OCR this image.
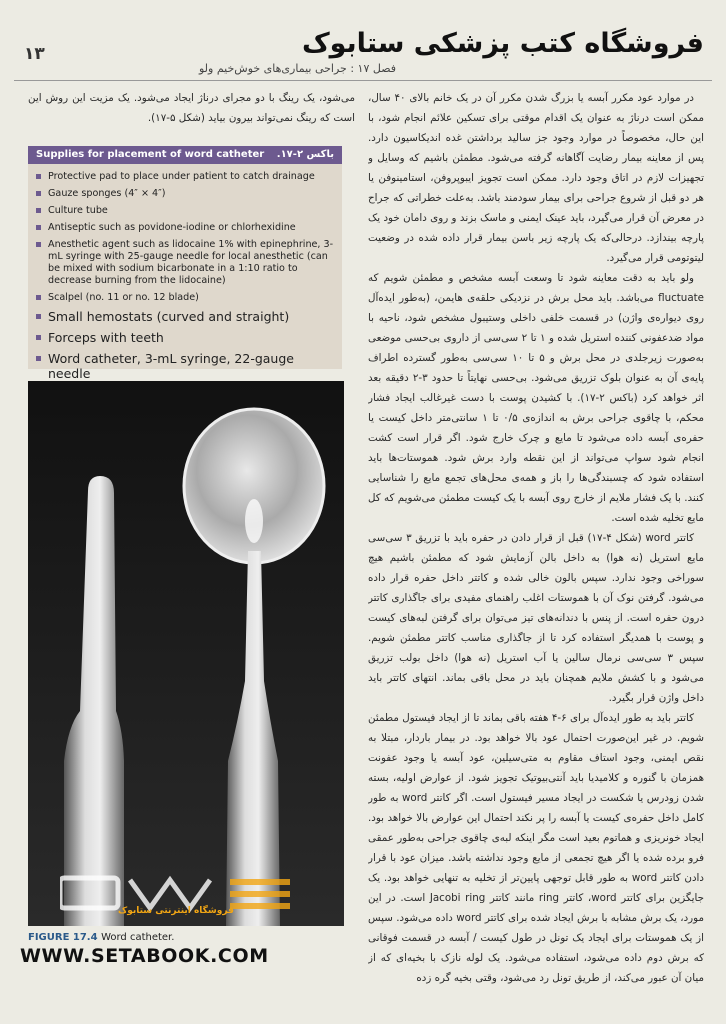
۱۳	فروشگاه کتب پزشکی ستابوک
فصل ۱۷ : جراحی بیماری‌های خوش‌خیم ولو
می‌شود، یک رینگ با دو مجرای درناژ ایجاد می‌شود. یک مزیت این روش این است که رینگ نمی‌تواند بیرون بیاید (شکل ۵-۱۷).
Supplies for placement of word catheter باکس ۲-۱۷.
Protective pad to place under patient to catch drainage
Gauze sponges (4″ × 4″)
Culture tube
Antiseptic such as povidone-iodine or chlorhexidine
Anesthetic agent such as lidocaine 1% with epinephrine, 3-mL syringe with 25-gauge needle for local anesthetic (can be mixed with sodium bicarbonate in a 1:10 ratio to decrease burning from the lidocaine)
Scalpel (no. 11 or no. 12 blade)
Small hemostats (curved and straight)
Forceps with teeth
Word catheter, 3-mL syringe, 22-gauge needle
FIGURE 17.4 Word catheter.
فروشگاه اینترنتی ستابوک
WWW.SETABOOK.COM

در موارد عود مکرر آبسه یا بزرگ شدن مکرر آن در یک خانم بالای ۴۰ سال، ممکن است درناژ به عنوان یک اقدام موقتی برای تسکین علائم انجام شود، با این حال، مخصوصاً در موارد وجود جز سالید برداشتن غده اندیکاسیون دارد. پس از معاینه بیمار رضایت آگاهانه گرفته می‌شود. مطمئن باشیم که وسایل و تجهیزات لازم در اتاق وجود دارد. ممکن است تجویز ایبوپروفن، استامینوفن یا هر دو قبل از شروع جراحی برای بیمار سودمند باشد. به‌علت خطراتی که جراح در معرض آن قرار می‌گیرد، باید عینک ایمنی و ماسک بزند و روی دامان خود یک پارچه بیندازد. درحالی‌که یک پارچه زیر باسن بیمار قرار داده شده در وضعیت لیتوتومی قرار می‌گیرد.

ولو باید به دقت معاینه شود تا وسعت آبسه مشخص و مطمئن شویم که fluctuate می‌باشد. باید محل برش در نزدیکی حلقه‌ی هایمن، (به‌طور ایده‌آل روی دیواره‌ی واژن) در قسمت خلفی داخلی وستیبول مشخص شود، ناحیه با مواد ضدعفونی کننده استریل شده و ۱ تا ۲ سی‌سی از داروی بی‌حسی موضعی به‌صورت زیرجلدی در محل برش و ۵ تا ۱۰ سی‌سی به‌طور گسترده اطراف پایه‌ی آن به عنوان بلوک تزریق می‌شود. بی‌حسی نهایتاً تا حدود ۳-۲ دقیقه بعد اثر خواهد کرد (باکس ۲-۱۷). با کشیدن پوست با دست غیرغالب ایجاد فشار محکم، با چاقوی جراحی برش به اندازه‌ی ۰/۵ تا ۱ سانتی‌متر داخل کیست یا حفره‌ی آبسه داده می‌شود تا مایع و چرک خارج شود. اگر قرار است کشت انجام شود سواپ می‌تواند از این نقطه وارد برش شود. هموستات‌ها باید استفاده شود که چسبندگی‌ها را باز و همه‌ی محل‌های تجمع مایع را شناسایی کنند. با یک فشار ملایم از خارج روی آبسه با یک کیست مطمئن می‌شویم که کل مایع تخلیه شده است.

کاتتر word (شکل ۴-۱۷) قبل از قرار دادن در حفره باید با تزریق ۳ سی‌سی مایع استریل (نه هوا) به داخل بالن آزمایش شود که مطمئن باشیم هیچ سوراخی وجود ندارد. سپس بالون خالی شده و کاتتر داخل حفره قرار داده می‌شود. گرفتن نوک آن با هموستات اغلب راهنمای مفیدی برای جاگذاری کاتتر درون حفره است. از پنس با دندانه‌های تیز می‌توان برای گرفتن لبه‌های کیست و پوست با همدیگر استفاده کرد تا از جاگذاری مناسب کاتتر مطمئن شویم. سپس ۳ سی‌سی نرمال سالین یا آب استریل (نه هوا) داخل بولب تزریق می‌شود و با کشش ملایم همچنان باید در محل باقی بماند. انتهای کاتتر باید داخل واژن قرار بگیرد.

کاتتر باید به طور ایده‌آل برای ۶-۴ هفته باقی بماند تا از ایجاد فیستول مطمئن شویم. در غیر این‌صورت احتمال عود بالا خواهد بود. در بیمار باردار، مبتلا به نقص ایمنی، وجود استاف مقاوم به متی‌سیلین، عود آبسه یا وجود عفونت همزمان با گنوره و کلامیدیا باید آنتی‌بیوتیک تجویز شود. از عوارض اولیه، بسته شدن زودرس یا شکست در ایجاد مسیر فیستول است. اگر کاتتر word به طور کامل داخل حفره‌ی کیست یا آبسه را پر نکند احتمال این عوارض بالا خواهد بود. ایجاد خونریزی و هماتوم بعید است مگر اینکه لبه‌ی چاقوی جراحی به‌طور عمقی فرو برده شده یا اگر هیچ تجمعی از مایع وجود نداشته باشد. میزان عود با قرار دادن کاتتر word به طور قابل توجهی پایین‌تر از تخلیه به تنهایی خواهد بود. یک جایگزین برای کاتتر word، کاتتر ring مانند کاتتر Jacobi ring است. در این مورد، یک برش مشابه با برش ایجاد شده برای کاتتر word داده می‌شود. سپس از یک هموستات برای ایجاد یک تونل در طول کیست / آبسه در قسمت فوقانی که برش دوم داده می‌شود، استفاده می‌شود. یک لوله نازک با بخیه‌ای که از میان آن عبور می‌کند، از طریق تونل رد می‌شود، وقتی بخیه گره زده
